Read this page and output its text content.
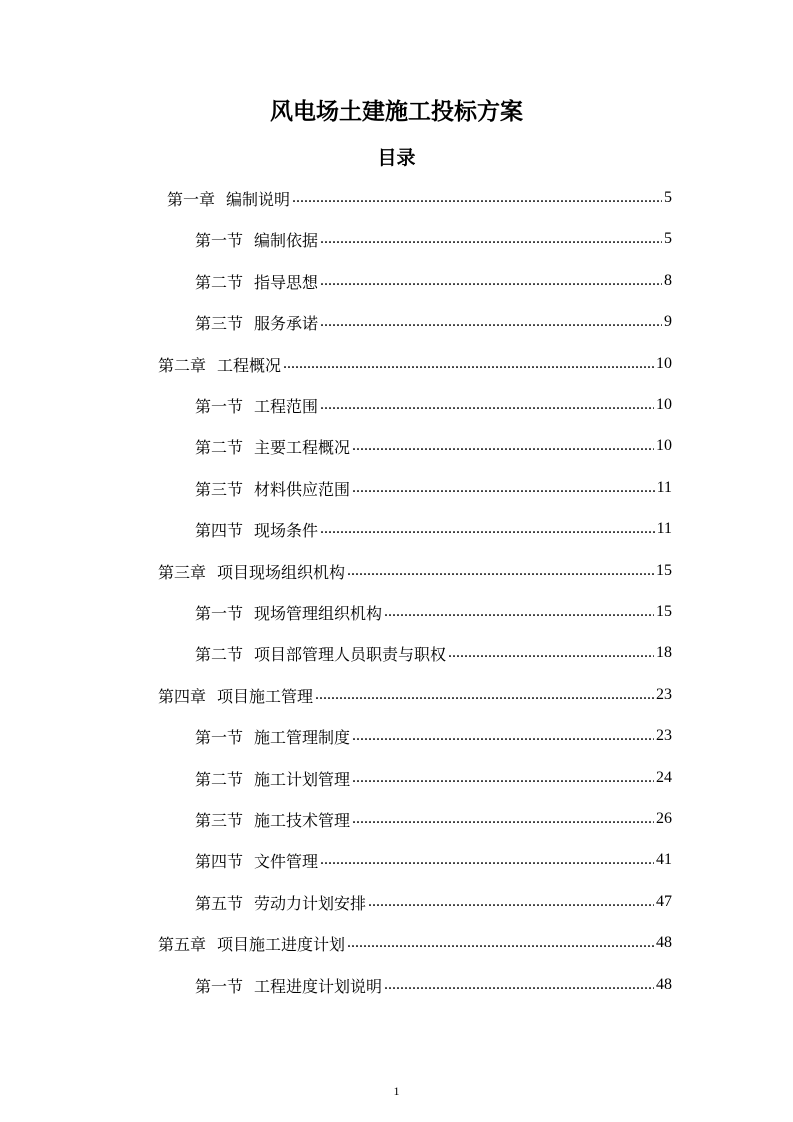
风电场土建施工投标方案
目录
第一章 编制说明 .....	5
第一节 编制依据 .....	5
第二节 指导思想 .....	8
第三节 服务承诺 .....	9
第二章 工程概况 .....	10
第一节 工程范围 .....	10
第二节 主要工程概况 .....	10
第三节 材料供应范围 .....	11
第四节 现场条件 .....	11
第三章 项目现场组织机构 .....	15
第一节 现场管理组织机构 .....	15
第二节 项目部管理人员职责与职权 .....	18
第四章 项目施工管理 .....	23
第一节 施工管理制度 .....	23
第二节 施工计划管理 .....	24
第三节 施工技术管理 .....	26
第四节 文件管理 .....	41
第五节 劳动力计划安排 .....	47
第五章 项目施工进度计划 .....	48
第一节 工程进度计划说明 .....	48
1
